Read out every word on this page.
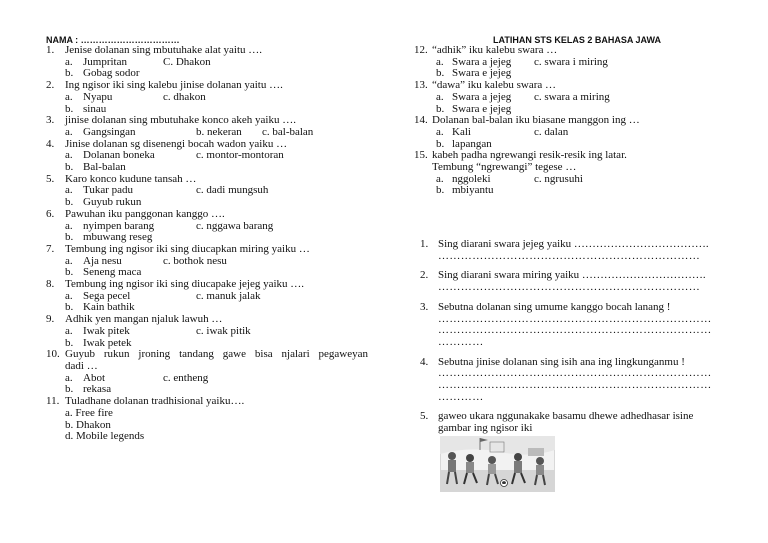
NAMA : ……………………………	LATIHAN STS KELAS 2 BAHASA JAWA
1. Jenise dolanan sing mbutuhake alat yaitu ….
a. Jumpritan	C. Dhakon
b. Gobag sodor
2. Ing ngisor iki sing kalebu jinise dolanan yaitu ….
a. Nyapu	c. dhakon
b. sinau
3. jinise dolanan sing mbutuhake konco akeh yaiku ….
a. Gangsingan	b. nekeran	c. bal-balan
4. Jinise dolanan sg disenengi bocah wadon yaiku …
a. Dolanan boneka	c. montor-montoran
b. Bal-balan
5. Karo konco kudune tansah …
a. Tukar padu	c. dadi mungsuh
b. Guyub rukun
6. Pawuhan iku panggonan kanggo ….
a. nyimpen barang	c. nggawa barang
b. mbuwang reseg
7. Tembung ing ngisor iki sing diucapkan miring yaiku …
a. Aja nesu	c. bothok nesu
b. Seneng maca
8. Tembung ing ngisor iki sing diucapake jejeg yaiku ….
a. Sega pecel	c. manuk jalak
b. Kain bathik
9. Adhik yen mangan njaluk lawuh …
a. Iwak pitek	c. iwak pitik
b. Iwak petek
10. Guyub rukun jroning tandang gawe bisa njalari pegaweyan
dadi …
a. Abot	c. entheng
b. rekasa
11. Tuladhane dolanan tradhisional yaiku….
a. Free fire
b. Dhakon
d. Mobile legends
12. “adhik” iku kalebu swara …
a. Swara a jejeg	c. swara i miring
b. Swara e jejeg
13. “dawa” iku kalebu swara …
a. Swara a jejeg	c. swara a miring
b. Swara e jejeg
14. Dolanan bal-balan iku biasane manggon ing …
a. Kali	c. dalan
b. lapangan
15. kabeh padha ngrewangi resik-resik ing latar.
Tembung “ngrewangi” tegese …
a. nggoleki	c. ngrusuhi
b. mbiyantu
1. Sing diarani swara jejeg yaiku ……………………………….
……………………………………………………………
2. Sing diarani swara miring yaiku …………………………….
……………………………………………………………
3. Sebutna dolanan sing umume kanggo bocah lanang !
………………………………………………………………
………………………………………………………………
…………
4. Sebutna jinise dolanan sing isih ana ing lingkunganmu !
………………………………………………………………
………………………………………………………………
…………
5. gaweo ukara nggunakake basamu dhewe adhedhasar isine
gambar ing ngisor iki
